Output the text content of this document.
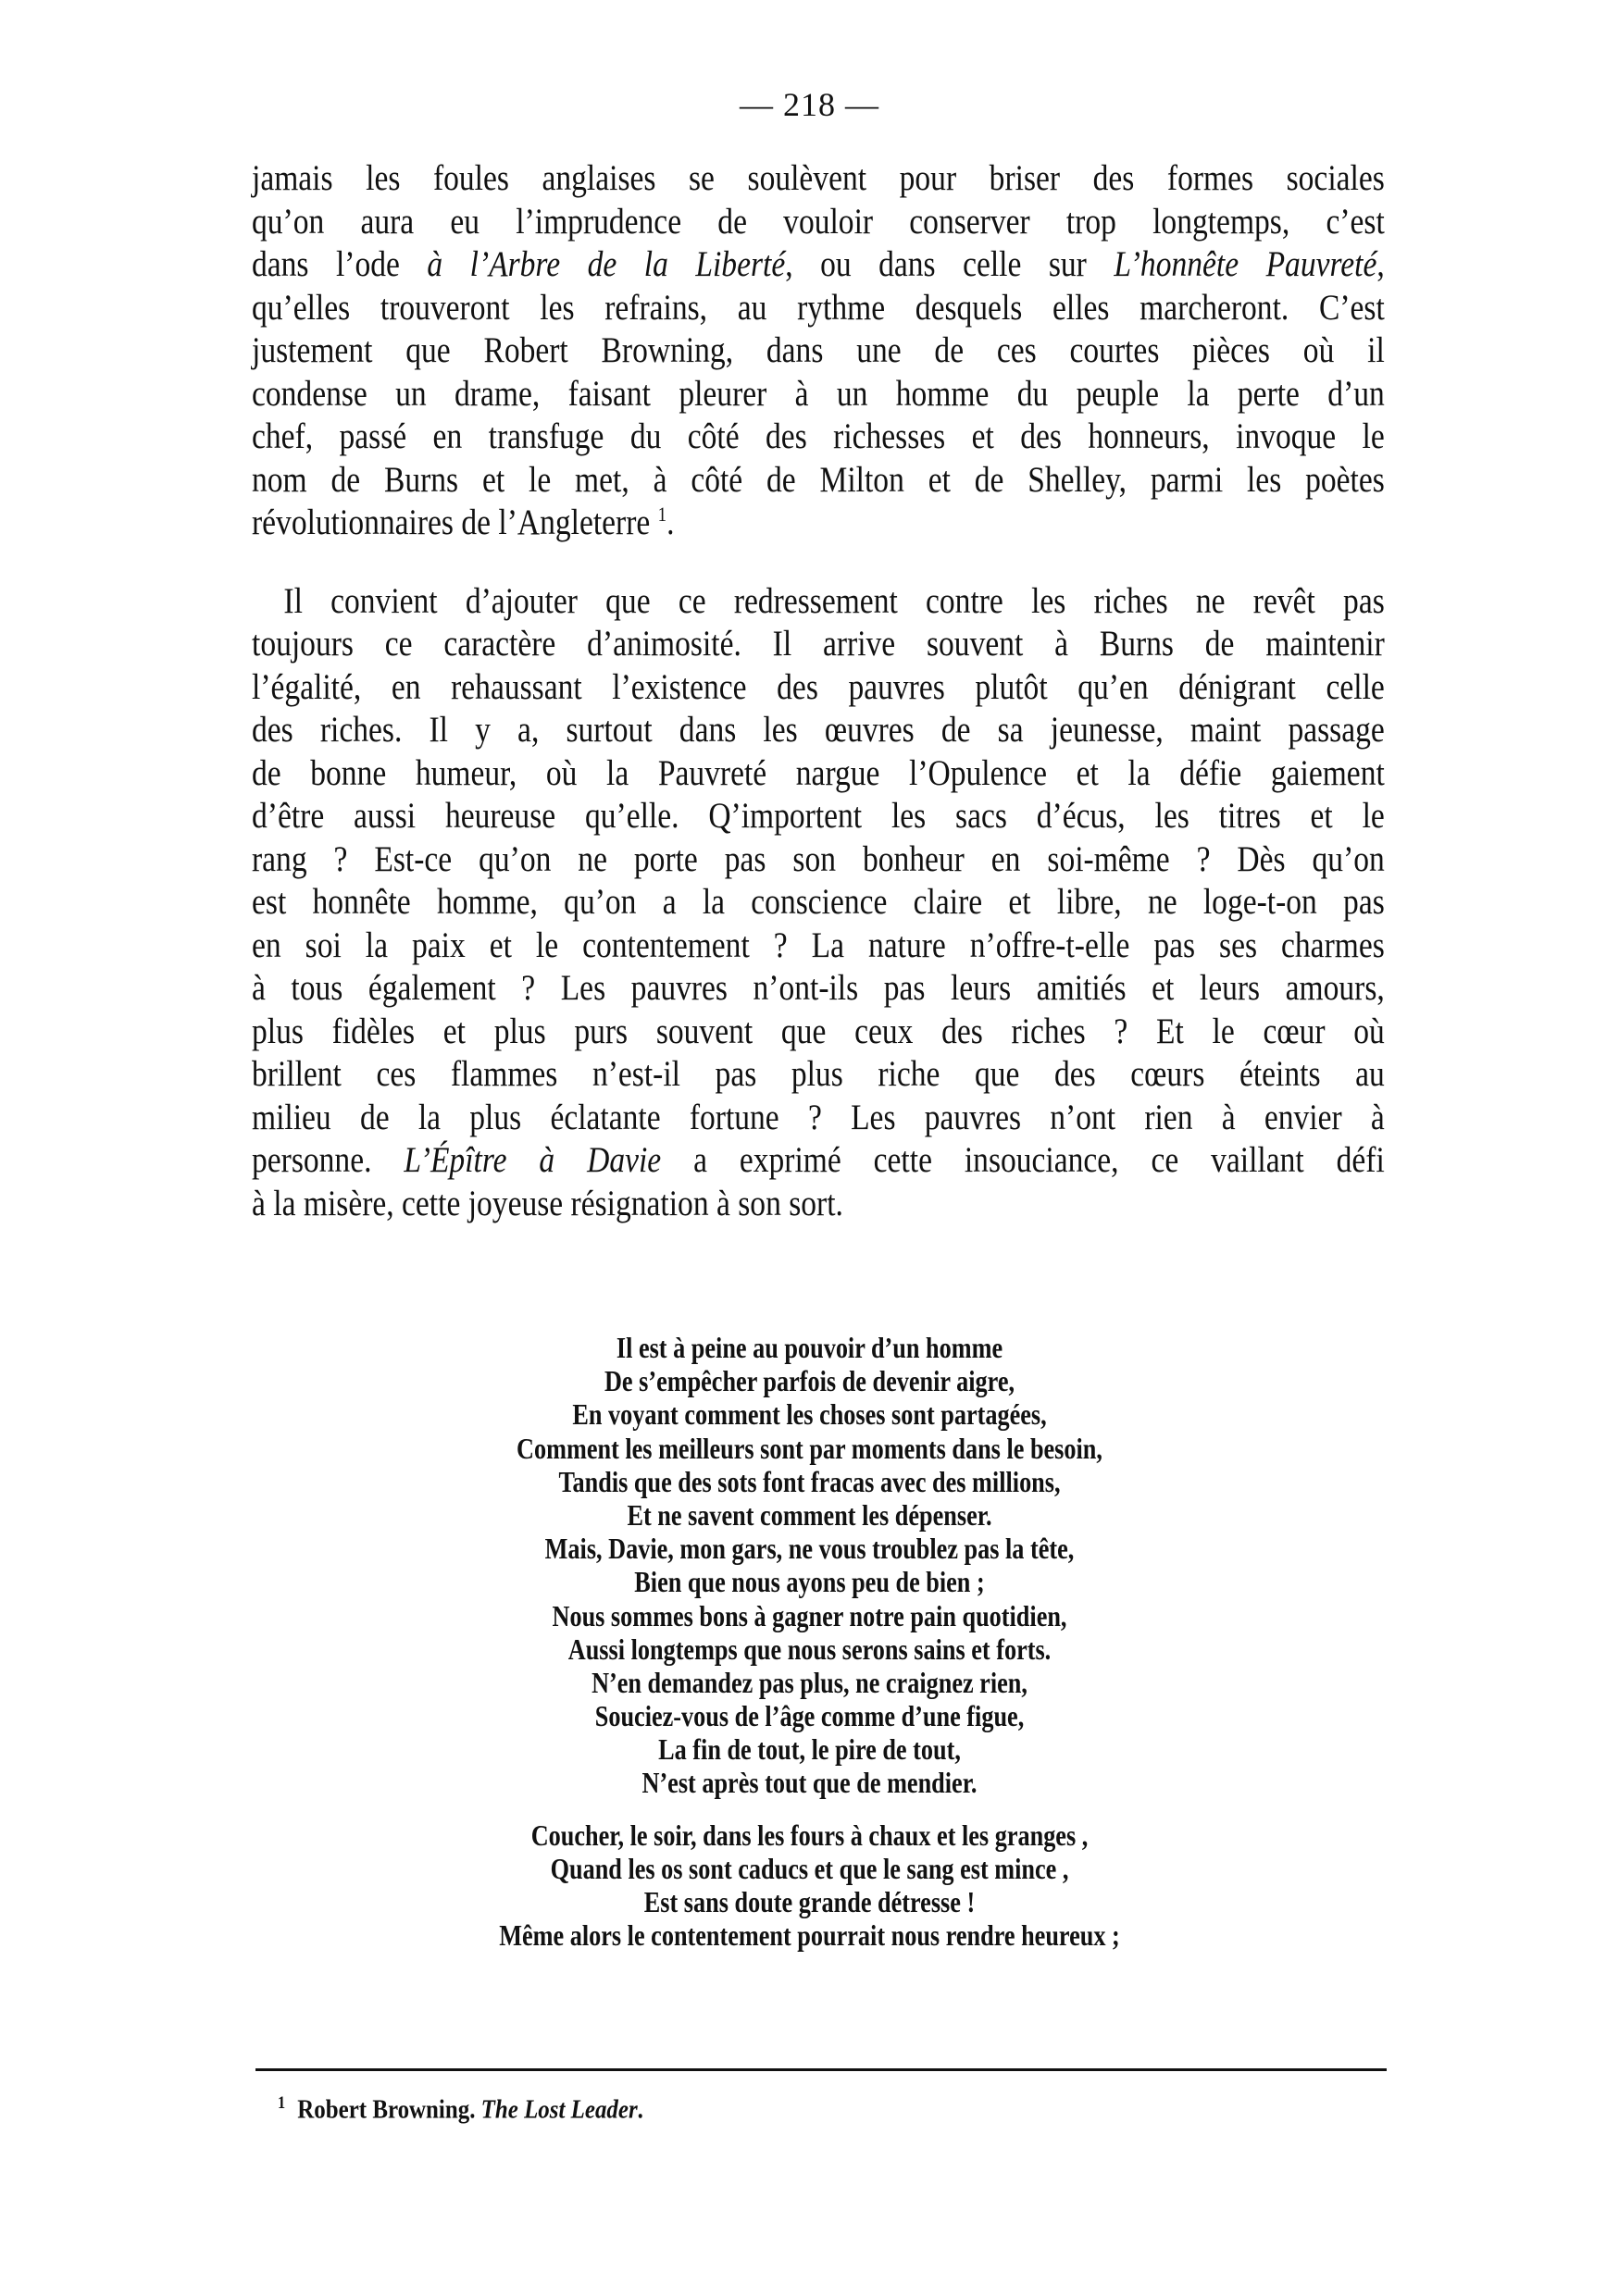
— 218 —
jamais les foules anglaises se soulèvent pour briser des formes sociales
qu’on aura eu l’imprudence de vouloir conserver trop longtemps, c’est
dans l’ode à l’Arbre de la Liberté, ou dans celle sur L’honnête Pauvreté,
qu’elles trouveront les refrains, au rythme desquels elles marcheront. C’est
justement que Robert Browning, dans une de ces courtes pièces où il
condense un drame, faisant pleurer à un homme du peuple la perte d’un
chef, passé en transfuge du côté des richesses et des honneurs, invoque le
nom de Burns et le met, à côté de Milton et de Shelley, parmi les poètes
révolutionnaires de l’Angleterre $^1$.
Il convient d’ajouter que ce redressement contre les riches ne revêt pas
toujours ce caractère d’animosité. Il arrive souvent à Burns de maintenir
l’égalité, en rehaussant l’existence des pauvres plutôt qu’en dénigrant celle
des riches. Il y a, surtout dans les œuvres de sa jeunesse, maint passage
de bonne humeur, où la Pauvreté nargue l’Opulence et la défie gaiement
d’être aussi heureuse qu’elle. Q’importent les sacs d’écus, les titres et le
rang ? Est-ce qu’on ne porte pas son bonheur en soi-même ? Dès qu’on
est honnête homme, qu’on a la conscience claire et libre, ne loge-t-on pas
en soi la paix et le contentement ? La nature n’offre-t-elle pas ses charmes
à tous également ? Les pauvres n’ont-ils pas leurs amitiés et leurs amours,
plus fidèles et plus purs souvent que ceux des riches ? Et le cœur où
brillent ces flammes n’est-il pas plus riche que des cœurs éteints au
milieu de la plus éclatante fortune ? Les pauvres n’ont rien à envier à
personne. L’Épître à Davie a exprimé cette insouciance, ce vaillant défi
à la misère, cette joyeuse résignation à son sort.
Il est à peine au pouvoir d’un homme
De s’empêcher parfois de devenir aigre,
En voyant comment les choses sont partagées,
Comment les meilleurs sont par moments dans le besoin,
Tandis que des sots font fracas avec des millions,
Et ne savent comment les dépenser.
Mais, Davie, mon gars, ne vous troublez pas la tête,
Bien que nous ayons peu de bien ;
Nous sommes bons à gagner notre pain quotidien,
Aussi longtemps que nous serons sains et forts.
N’en demandez pas plus, ne craignez rien,
Souciez-vous de l’âge comme d’une figue,
La fin de tout, le pire de tout,
N’est après tout que de mendier.
Coucher, le soir, dans les fours à chaux et les granges ,
Quand les os sont caducs et que le sang est mince ,
Est sans doute grande détresse !
Même alors le contentement pourrait nous rendre heureux ;
$^1$ Robert Browning. The Lost Leader.
